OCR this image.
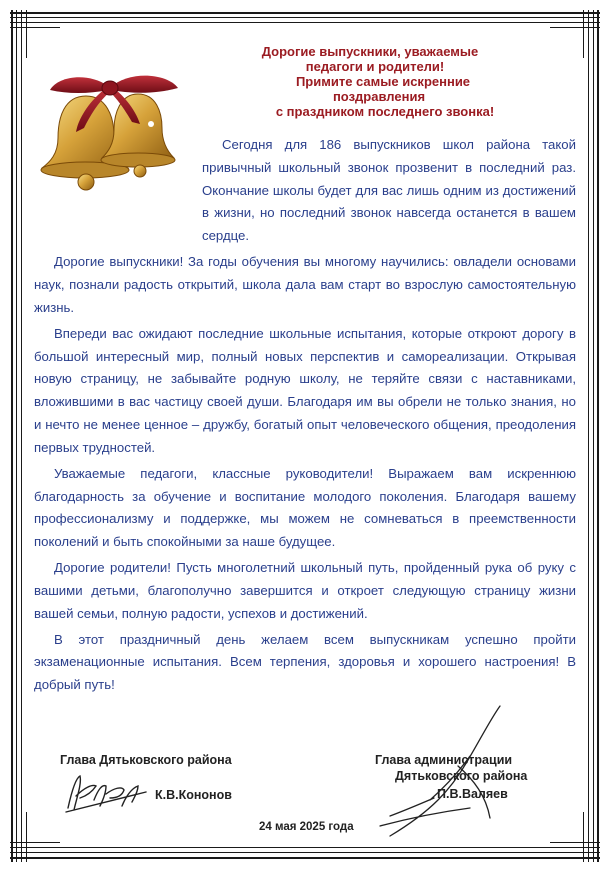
Дорогие выпускники, уважаемые
педагоги и родители!
Примите самые искренние
поздравления
с праздником последнего звонка!

Сегодня для 186 выпускников школ района такой привычный школьный звонок прозвенит в последний раз. Окончание школы будет для вас лишь одним из достижений в жизни, но последний звонок навсегда останется в вашем сердце.

Дорогие выпускники! За годы обучения вы многому научились: овладели основами наук, познали радость открытий, школа дала вам старт во взрослую самостоятельную жизнь.

Впереди вас ожидают последние школьные испытания, которые откроют дорогу в большой интересный мир, полный новых перспектив и самореализации. Открывая новую страницу, не забывайте родную школу, не теряйте связи с наставниками, вложившими в вас частицу своей души. Благодаря им вы обрели не только знания, но и нечто не менее ценное – дружбу, богатый опыт человеческого общения, преодоления первых трудностей.

Уважаемые педагоги, классные руководители! Выражаем вам искреннюю благодарность за обучение и воспитание молодого поколения. Благодаря вашему профессионализму и поддержке, мы можем не сомневаться в преемственности поколений и быть спокойными за наше будущее.

Дорогие родители! Пусть многолетний школьный путь, пройденный рука об руку с вашими детьми, благополучно завершится и откроет следующую страницу жизни вашей семьи, полную радости, успехов и достижений.

В этот праздничный день желаем всем выпускникам успешно пройти экзаменационные испытания. Всем терпения, здоровья и хорошего настроения! В добрый путь!

Глава Дятьковского района
К.В.Кононов
Глава администрации
Дятьковского района
П.В.Валяев
24 мая 2025 года
